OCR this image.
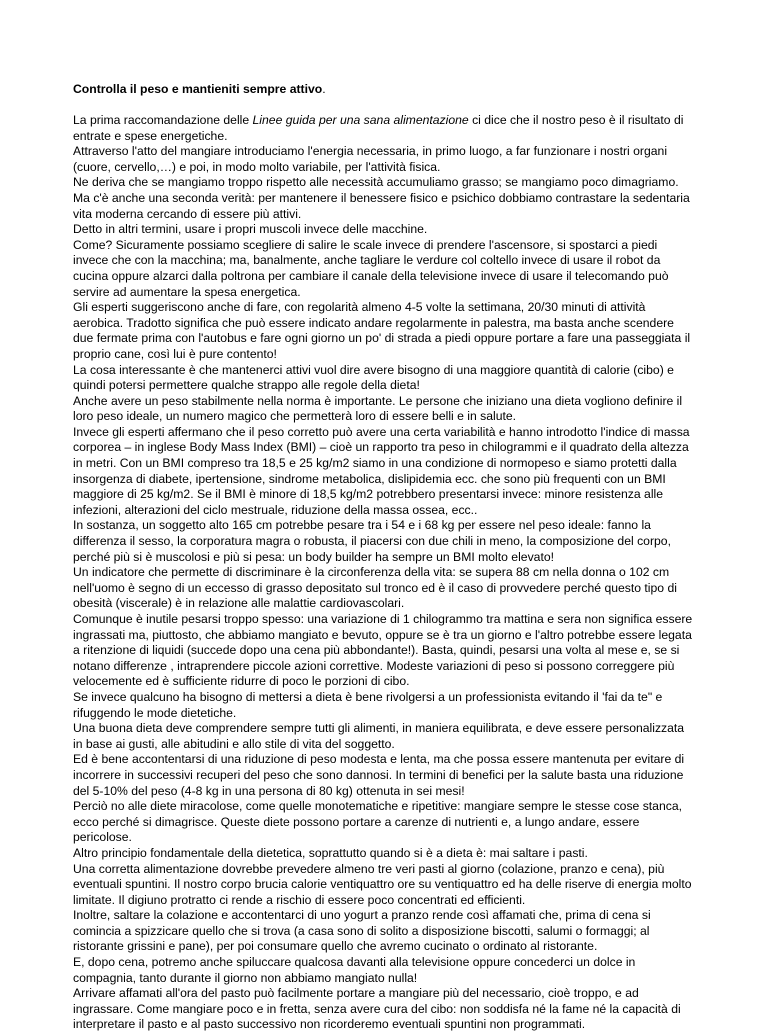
Controlla il peso e mantieniti sempre attivo.

La prima raccomandazione delle Linee guida per una sana alimentazione ci dice che il nostro peso è il risultato di entrate e spese energetiche.

Attraverso l'atto del mangiare introduciamo l'energia necessaria, in primo luogo, a far funzionare i nostri organi (cuore, cervello,…) e poi, in modo molto variabile, per l'attività fisica.

Ne deriva che se mangiamo troppo rispetto alle necessità accumuliamo grasso; se mangiamo poco dimagriamo. Ma c'è anche una seconda verità: per mantenere il benessere fisico e psichico dobbiamo contrastare la sedentaria vita moderna cercando di essere più attivi.

Detto in altri termini, usare i propri muscoli invece delle macchine.

Come? Sicuramente possiamo scegliere di salire le scale invece di prendere l'ascensore, si spostarci a piedi invece che con la macchina; ma, banalmente, anche tagliare le verdure col coltello invece di usare il robot da cucina oppure alzarci dalla poltrona per cambiare il canale della televisione invece di usare il telecomando può servire ad aumentare la spesa energetica.

Gli esperti suggeriscono anche di fare, con regolarità almeno 4-5 volte la settimana, 20/30 minuti di attività aerobica. Tradotto significa che può essere indicato andare regolarmente in palestra, ma basta anche scendere due fermate prima con l'autobus e fare ogni giorno un po' di strada a piedi oppure portare a fare una passeggiata il proprio cane, così lui è pure contento!

La cosa interessante è che mantenerci attivi vuol dire avere bisogno di una maggiore quantità di calorie (cibo) e quindi potersi permettere qualche strappo alle regole della dieta!

Anche avere un peso stabilmente nella norma è importante. Le persone che iniziano una dieta vogliono definire il loro peso ideale, un numero magico che permetterà loro di essere belli e in salute.

Invece gli esperti affermano che il peso corretto può avere una certa variabilità e hanno introdotto l'indice di massa corporea – in inglese Body Mass Index (BMI) – cioè un rapporto tra peso in chilogrammi e il quadrato della altezza in metri. Con un BMI compreso tra 18,5 e 25 kg/m2 siamo in una condizione di normopeso e siamo protetti dalla insorgenza di diabete, ipertensione, sindrome metabolica, dislipidemia ecc. che sono più frequenti con un BMI maggiore di 25 kg/m2. Se il BMI è minore di 18,5 kg/m2 potrebbero presentarsi invece: minore resistenza alle infezioni, alterazioni del ciclo mestruale, riduzione della massa ossea, ecc..

In sostanza, un soggetto alto 165 cm potrebbe pesare tra i 54 e i 68 kg per essere nel peso ideale: fanno la differenza il sesso, la corporatura magra o robusta, il piacersi con due chili in meno, la composizione del corpo, perché più si è muscolosi e più si pesa: un body builder ha sempre un BMI molto elevato!

Un indicatore che permette di discriminare è la circonferenza della vita: se supera 88 cm nella donna o 102 cm nell'uomo è segno di un eccesso di grasso depositato sul tronco ed è il caso di provvedere perché questo tipo di obesità (viscerale) è in relazione alle malattie cardiovascolari.

Comunque è inutile pesarsi troppo spesso: una variazione di 1 chilogrammo tra mattina e sera non significa essere ingrassati ma, piuttosto, che abbiamo mangiato e bevuto, oppure se è tra un giorno e l'altro potrebbe essere legata a ritenzione di liquidi (succede dopo una cena più abbondante!). Basta, quindi, pesarsi una volta al mese e, se si notano differenze , intraprendere piccole azioni correttive. Modeste variazioni di peso si possono correggere più velocemente ed è sufficiente ridurre di poco le porzioni di cibo.

Se invece qualcuno ha bisogno di mettersi a dieta è bene rivolgersi a un professionista evitando il 'fai da te" e rifuggendo le mode dietetiche.

Una buona dieta deve comprendere sempre tutti gli alimenti, in maniera equilibrata, e deve essere personalizzata in base ai gusti, alle abitudini e allo stile di vita del soggetto.

Ed è bene accontentarsi di una riduzione di peso modesta e lenta, ma che possa essere mantenuta per evitare di incorrere in successivi recuperi del peso che sono dannosi. In termini di benefici per la salute basta una riduzione del 5-10% del peso (4-8 kg in una persona di 80 kg) ottenuta in sei mesi!

Perciò no alle diete miracolose, come quelle monotematiche e ripetitive: mangiare sempre le stesse cose stanca, ecco perché si dimagrisce. Queste diete possono portare a carenze di nutrienti e, a lungo andare, essere pericolose.

Altro principio fondamentale della dietetica, soprattutto quando si è a dieta è: mai saltare i pasti.

Una corretta alimentazione dovrebbe prevedere almeno tre veri pasti al giorno (colazione, pranzo e cena), più eventuali spuntini. Il nostro corpo brucia calorie ventiquattro ore su ventiquattro ed ha delle riserve di energia molto limitate. Il digiuno protratto ci rende a rischio di essere poco concentrati ed efficienti.

Inoltre, saltare la colazione e accontentarci di uno yogurt a pranzo rende così affamati che, prima di cena si comincia a spizzicare quello che si trova (a casa sono di solito a disposizione biscotti, salumi o formaggi; al ristorante grissini e pane), per poi consumare quello che avremo cucinato o ordinato al ristorante.

E, dopo cena, potremo anche spiluccare qualcosa davanti alla televisione oppure concederci un dolce in compagnia, tanto durante il giorno non abbiamo mangiato nulla!

Arrivare affamati all'ora del pasto può facilmente portare a mangiare più del necessario, cioè troppo, e ad ingrassare. Come mangiare poco e in fretta, senza avere cura del cibo: non soddisfa né la fame né la capacità di interpretare il pasto e al pasto successivo non ricorderemo eventuali spuntini non programmati.
